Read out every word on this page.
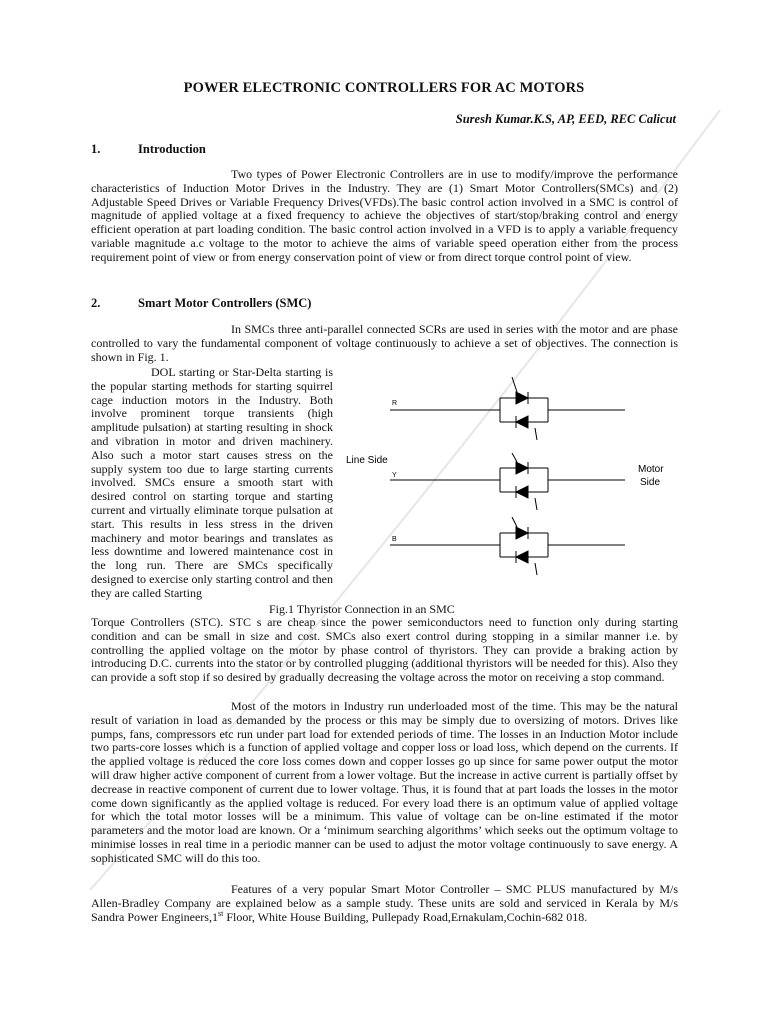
POWER ELECTRONIC CONTROLLERS FOR AC MOTORS
Suresh Kumar.K.S, AP, EED, REC Calicut
1.	Introduction

Two types of Power Electronic Controllers are in use to modify/improve the performance characteristics of Induction Motor Drives in the Industry. They are (1) Smart Motor Controllers(SMCs) and (2) Adjustable Speed Drives or Variable Frequency Drives(VFDs).The basic control action involved in a SMC is control of magnitude of applied voltage at a fixed frequency to achieve the objectives of start/stop/braking control and energy efficient operation at part loading condition. The basic control action involved in a VFD is to apply a variable frequency variable magnitude a.c voltage to the motor to achieve the aims of variable speed operation either from the process requirement point of view or from energy conservation point of view or from direct torque control point of view.

2.	Smart Motor Controllers (SMC)

In SMCs three anti-parallel connected SCRs are used in series with the motor and are phase controlled to vary the fundamental component of voltage continuously to achieve a set of objectives. The connection is shown in Fig. 1.

DOL starting or Star-Delta starting is the popular starting methods for starting squirrel cage induction motors in the Industry. Both involve prominent torque transients (high amplitude pulsation) at starting resulting in shock and vibration in motor and driven machinery. Also such a motor start causes stress on the supply system too due to large starting currents involved. SMCs ensure a smooth start with desired control on starting torque and starting current and virtually eliminate torque pulsation at start. This results in less stress in the driven machinery and motor bearings and translates as less downtime and lowered maintenance cost in the long run. There are SMCs specifically designed to exercise only starting control and then they are called Starting

R
Y
B
Line Side
Motor
Side
Fig.1 Thyristor Connection in an SMC

Torque Controllers (STC). STC s are cheap since the power semiconductors need to function only during starting condition and can be small in size and cost. SMCs also exert control during stopping in a similar manner i.e. by controlling the applied voltage on the motor by phase control of thyristors. They can provide a braking action by introducing D.C. currents into the stator or by controlled plugging (additional thyristors will be needed for this). Also they can provide a soft stop if so desired by gradually decreasing the voltage across the motor on receiving a stop command.

Most of the motors in Industry run underloaded most of the time. This may be the natural result of variation in load as demanded by the process or this may be simply due to oversizing of motors. Drives like pumps, fans, compressors etc run under part load for extended periods of time. The losses in an Induction Motor include two parts-core losses which is a function of applied voltage and copper loss or load loss, which depend on the currents. If the applied voltage is reduced the core loss comes down and copper losses go up since for same power output the motor will draw higher active component of current from a lower voltage. But the increase in active current is partially offset by decrease in reactive component of current due to lower voltage. Thus, it is found that at part loads the losses in the motor come down significantly as the applied voltage is reduced. For every load there is an optimum value of applied voltage for which the total motor losses will be a minimum. This value of voltage can be on-line estimated if the motor parameters and the motor load are known. Or a ‘minimum searching algorithms’ which seeks out the optimum voltage to minimise losses in real time in a periodic manner can be used to adjust the motor voltage continuously to save energy. A sophisticated SMC will do this too.

Features of a very popular Smart Motor Controller – SMC PLUS manufactured by M/s Allen-Bradley Company are explained below as a sample study. These units are sold and serviced in Kerala by M/s Sandra Power Engineers,1st Floor, White House Building, Pullepady Road,Ernakulam,Cochin-682 018.
